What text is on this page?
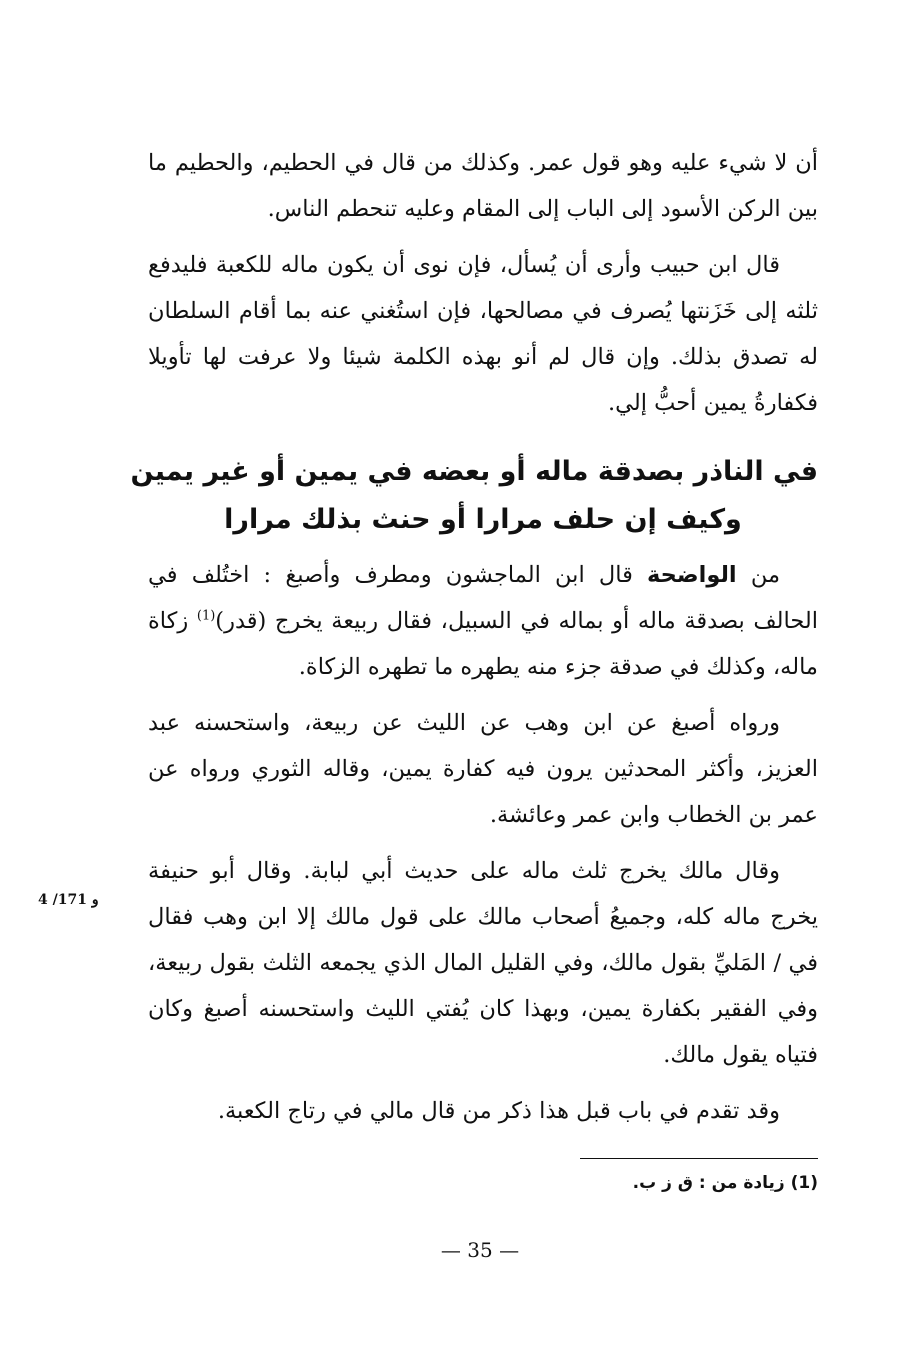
أن لا شيء عليه وهو قول عمر. وكذلك من قال في الحطيم، والحطيم ما بين الركن الأسود إلى الباب إلى المقام وعليه تنحطم الناس.

قال ابن حبيب وأرى أن يُسأل، فإن نوى أن يكون ماله للكعبة فليدفع ثلثه إلى خَزَنتها يُصرف في مصالحها، فإن استُغني عنه بما أقام السلطان له تصدق بذلك. وإن قال لم أنو بهذه الكلمة شيئا ولا عرفت لها تأويلا فكفارةُ يمين أحبُّ إلي.

في الناذر بصدقة ماله أو بعضه في يمين أو غير يمين
وكيف إن حلف مرارا أو حنث بذلك مرارا

من الواضحة قال ابن الماجشون ومطرف وأصبغ : اختُلف في الحالف بصدقة ماله أو بماله في السبيل، فقال ربيعة يخرج (قدر)$^{(1)}$ زكاة ماله، وكذلك في صدقة جزء منه يطهره ما تطهره الزكاة.

ورواه أصبغ عن ابن وهب عن الليث عن ربيعة، واستحسنه عبد العزيز، وأكثر المحدثين يرون فيه كفارة يمين، وقاله الثوري ورواه عن عمر بن الخطاب وابن عمر وعائشة.

وقال مالك يخرج ثلث ماله على حديث أبي لبابة. وقال أبو حنيفة يخرج ماله كله، وجميعُ أصحاب مالك على قول مالك إلا ابن وهب فقال في / المَليِّ بقول مالك، وفي القليل المال الذي يجمعه الثلث بقول ربيعة، وفي الفقير بكفارة يمين، وبهذا كان يُفتي الليث واستحسنه أصبغ وكان فتياه يقول مالك.

وقد تقدم في باب قبل هذا ذكر من قال مالي في رتاج الكعبة.

4 /171 و
(1) زيادة من : ق ز ب.
— 35 —
